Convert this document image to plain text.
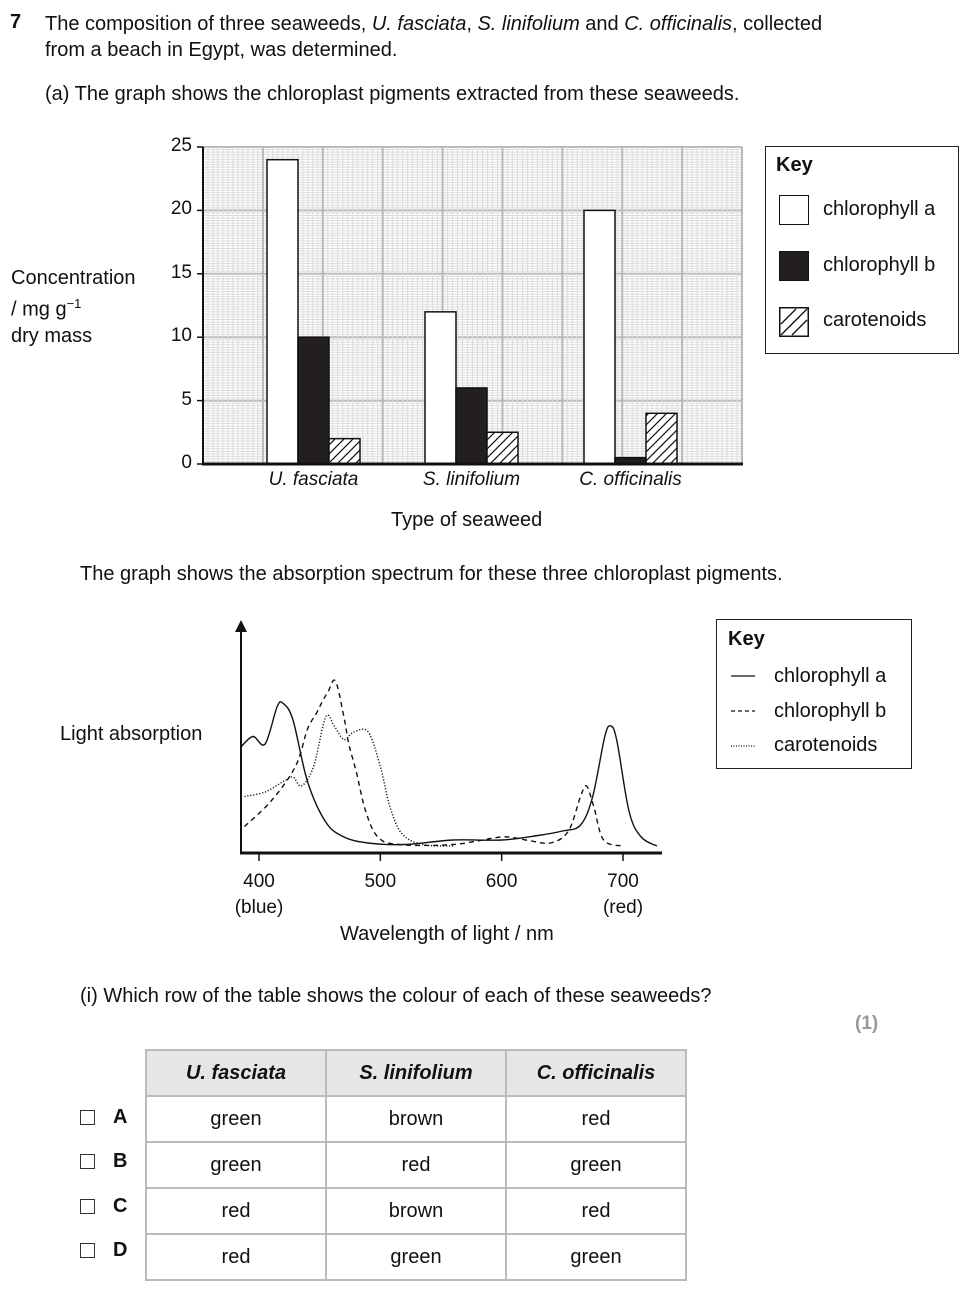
7 The composition of three seaweeds, U. fasciata, S. linifolium and C. officinalis, collected
from a beach in Egypt, was determined.
(a) The graph shows the chloroplast pigments extracted from these seaweeds.
Concentration
/ mg $g^{-1}$
dry mass
0
5
10
15
20
25
U. fasciata	S. linifolium	C. officinalis
Type of seaweed
Key
chlorophyll a
chlorophyll b
carotenoids
The graph shows the absorption spectrum for these three chloroplast pigments.
Light absorption
400
(blue)
500	600	700
(red)
Wavelength of light / nm
Key
chlorophyll a
chlorophyll b
carotenoids
(i) Which row of the table shows the colour of each of these seaweeds?
(1)
A
B
C
D
U. fasciata	S. linifolium	C. officinalis
green	brown	red
green	red	green
red	brown	red
red	green	green
